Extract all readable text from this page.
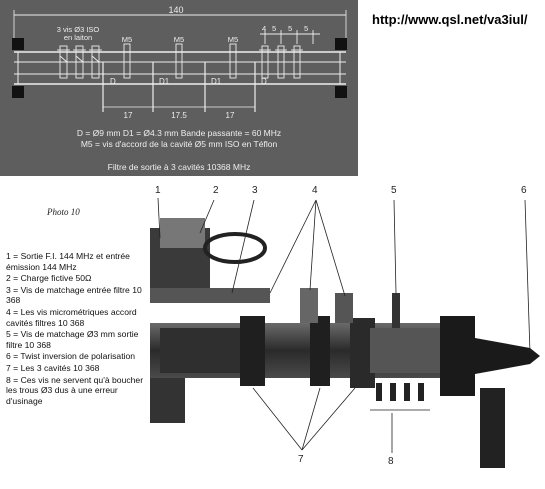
140
3 vis Ø3 ISO
en laiton	M5	M5	M5
4 5 5 5
D	D1	D1	D
17	17.5	17
D = Ø9 mm D1 = Ø4.3 mm Bande passante = 60 MHz
M5 = vis d'accord de la cavité Ø5 mm ISO en Téflon
Filtre de sortie à 3 cavités 10368 MHz
http://www.qsl.net/va3iul/
1	2	3	4	5	6
7	8
Photo 10
1 = Sortie F.I. 144 MHz et entrée émission 144 MHz
2 = Charge fictive 50Ω
3 = Vis de matchage entrée filtre 10 368
4 = Les vis micrométriques accord cavités filtres 10 368
5 = Vis de matchage Ø3 mm sortie filtre 10 368
6 = Twist inversion de polarisation
7 = Les 3 cavités 10 368
8 = Ces vis ne servent qu'à boucher les trous Ø3 dus à une erreur d'usinage
